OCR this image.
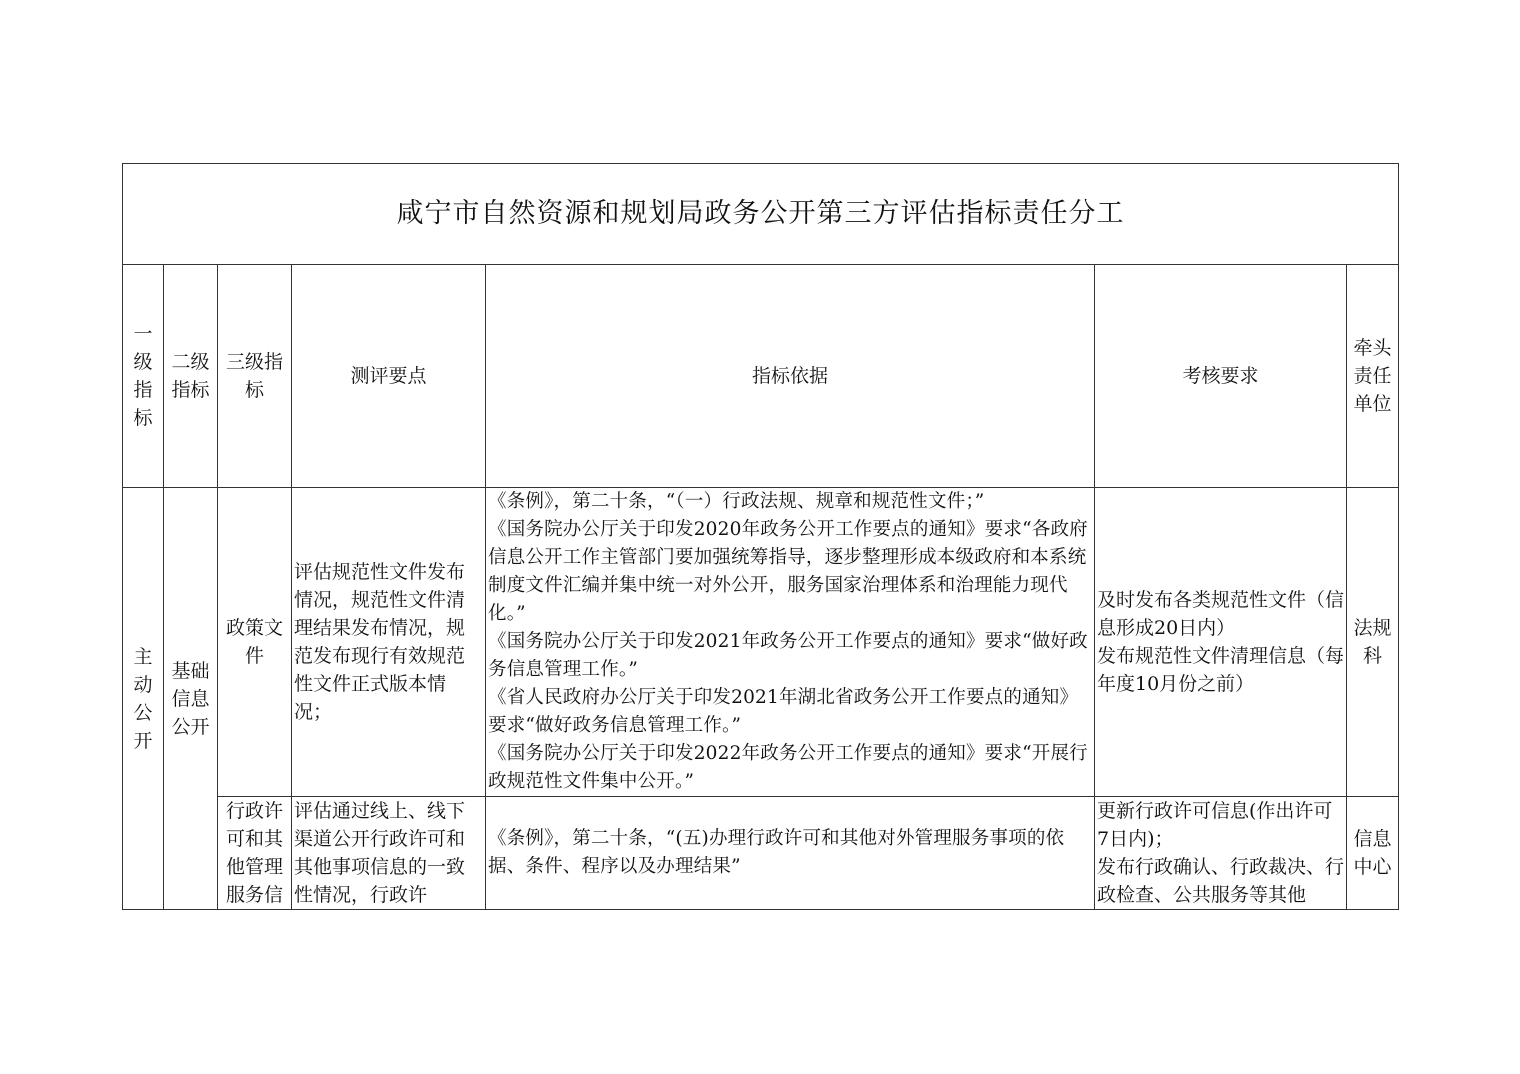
咸宁市自然资源和规划局政务公开第三方评估指标责任分工						
一级指标	二级指标	三级指标	测评要点	指标依据	考核要求	牵头责任单位
主动公开	基础信息公开	政策文件	评估规范性文件发布情况，规范性文件清理结果发布情况，规范发布现行有效规范性文件正式版本情况；	《条例》，第二十条，“（一）行政法规、规章和规范性文件；”
《国务院办公厅关于印发2020年政务公开工作要点的通知》要求“各政府信息公开工作主管部门要加强统筹指导，逐步整理形成本级政府和本系统制度文件汇编并集中统一对外公开，服务国家治理体系和治理能力现代化。”
《国务院办公厅关于印发2021年政务公开工作要点的通知》要求“做好政务信息管理工作。”
《省人民政府办公厅关于印发2021年湖北省政务公开工作要点的通知》要求“做好政务信息管理工作。”
《国务院办公厅关于印发2022年政务公开工作要点的通知》要求“开展行政规范性文件集中公开。”	及时发布各类规范性文件（信息形成20日内）
发布规范性文件清理信息（每年度10月份之前）	法规科

		行政许可和其他管理服务信	评估通过线上、线下渠道公开行政许可和其他事项信息的一致性情况，行政许	《条例》，第二十条，“(五)办理行政许可和其他对外管理服务事项的依据、条件、程序以及办理结果”	更新行政许可信息(作出许可7日内)；
发布行政确认、行政裁决、行政检查、公共服务等其他	信息中心
